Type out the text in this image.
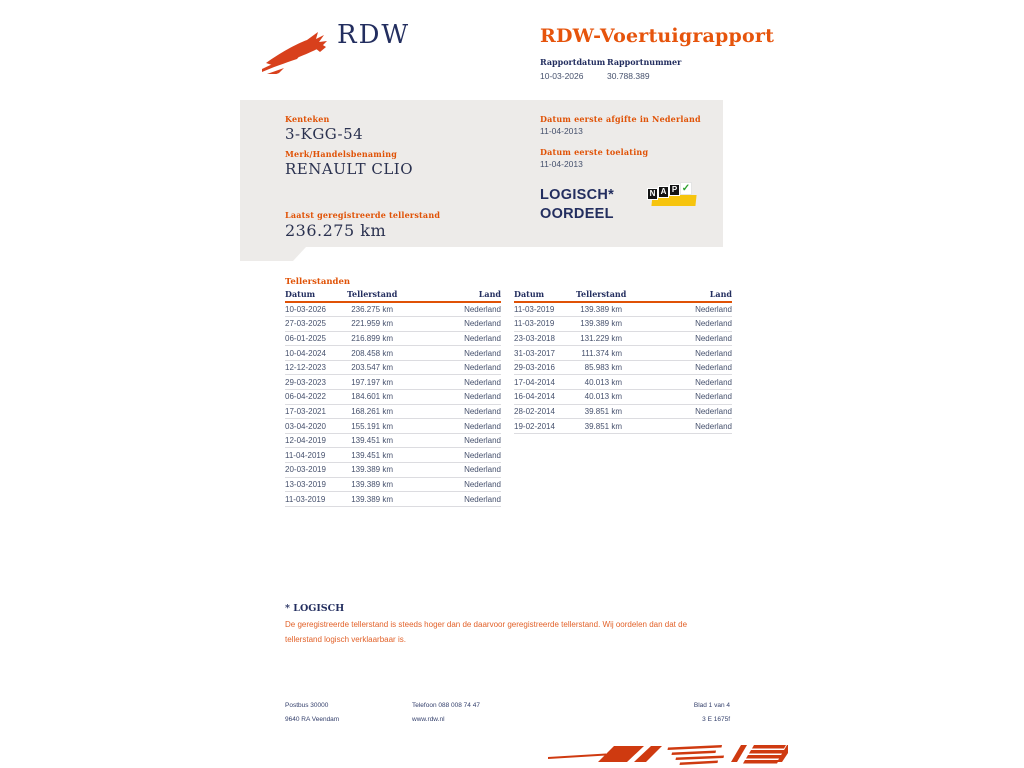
RDW	RDW-Voertuigrapport
Rapportdatum
10-03-2026
Rapportnummer
30.788.389
Kenteken
3-KGG-54
Merk/Handelsbenaming
RENAULT CLIO
Laatst geregistreerde tellerstand
236.275 km
Datum eerste afgifte in Nederland
11-04-2013
Datum eerste toelating
11-04-2013
LOGISCH*
OORDEEL
N A P ✓
Tellerstanden
Datum	Tellerstand	Land
10-03-2026	236.275 km	Nederland
27-03-2025	221.959 km	Nederland
06-01-2025	216.899 km	Nederland
10-04-2024	208.458 km	Nederland
12-12-2023	203.547 km	Nederland
29-03-2023	197.197 km	Nederland
06-04-2022	184.601 km	Nederland
17-03-2021	168.261 km	Nederland
03-04-2020	155.191 km	Nederland
12-04-2019	139.451 km	Nederland
11-04-2019	139.451 km	Nederland
20-03-2019	139.389 km	Nederland
13-03-2019	139.389 km	Nederland
11-03-2019	139.389 km	Nederland
Datum	Tellerstand	Land
11-03-2019	139.389 km	Nederland
11-03-2019	139.389 km	Nederland
23-03-2018	131.229 km	Nederland
31-03-2017	111.374 km	Nederland
29-03-2016	85.983 km	Nederland
17-04-2014	40.013 km	Nederland
16-04-2014	40.013 km	Nederland
28-02-2014	39.851 km	Nederland
19-02-2014	39.851 km	Nederland
* LOGISCH
De geregistreerde tellerstand is steeds hoger dan de daarvoor geregistreerde tellerstand. Wij oordelen dan dat de tellerstand logisch verklaarbaar is.
Postbus 30000
9640 RA Veendam
Telefoon 088 008 74 47
www.rdw.nl
Blad 1 van 4
3 E 1675f
